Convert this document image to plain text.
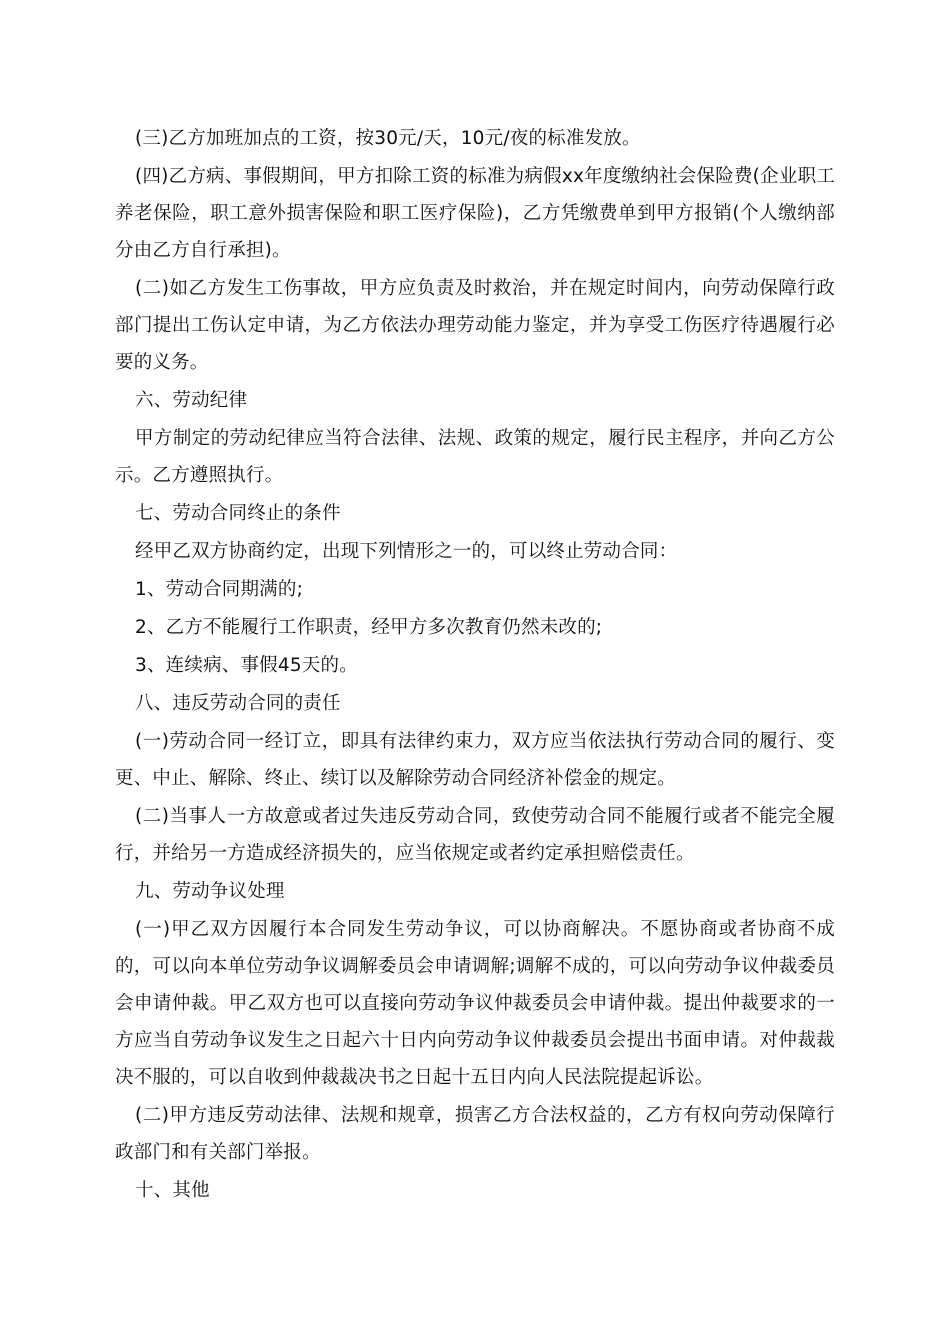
(三)乙方加班加点的工资，按30元/天，10元/夜的标准发放。

(四)乙方病、事假期间，甲方扣除工资的标准为病假xx年度缴纳社会保险费(企业职工养老保险，职工意外损害保险和职工医疗保险)，乙方凭缴费单到甲方报销(个人缴纳部分由乙方自行承担)。

(二)如乙方发生工伤事故，甲方应负责及时救治，并在规定时间内，向劳动保障行政部门提出工伤认定申请，为乙方依法办理劳动能力鉴定，并为享受工伤医疗待遇履行必要的义务。

六、劳动纪律

甲方制定的劳动纪律应当符合法律、法规、政策的规定，履行民主程序，并向乙方公示。乙方遵照执行。

七、劳动合同终止的条件

经甲乙双方协商约定，出现下列情形之一的，可以终止劳动合同：

1、劳动合同期满的;

2、乙方不能履行工作职责，经甲方多次教育仍然未改的;

3、连续病、事假45天的。

八、违反劳动合同的责任

(一)劳动合同一经订立，即具有法律约束力，双方应当依法执行劳动合同的履行、变更、中止、解除、终止、续订以及解除劳动合同经济补偿金的规定。

(二)当事人一方故意或者过失违反劳动合同，致使劳动合同不能履行或者不能完全履行，并给另一方造成经济损失的，应当依规定或者约定承担赔偿责任。

九、劳动争议处理

(一)甲乙双方因履行本合同发生劳动争议，可以协商解决。不愿协商或者协商不成的，可以向本单位劳动争议调解委员会申请调解;调解不成的，可以向劳动争议仲裁委员会申请仲裁。甲乙双方也可以直接向劳动争议仲裁委员会申请仲裁。提出仲裁要求的一方应当自劳动争议发生之日起六十日内向劳动争议仲裁委员会提出书面申请。对仲裁裁决不服的，可以自收到仲裁裁决书之日起十五日内向人民法院提起诉讼。

(二)甲方违反劳动法律、法规和规章，损害乙方合法权益的，乙方有权向劳动保障行政部门和有关部门举报。

十、其他
